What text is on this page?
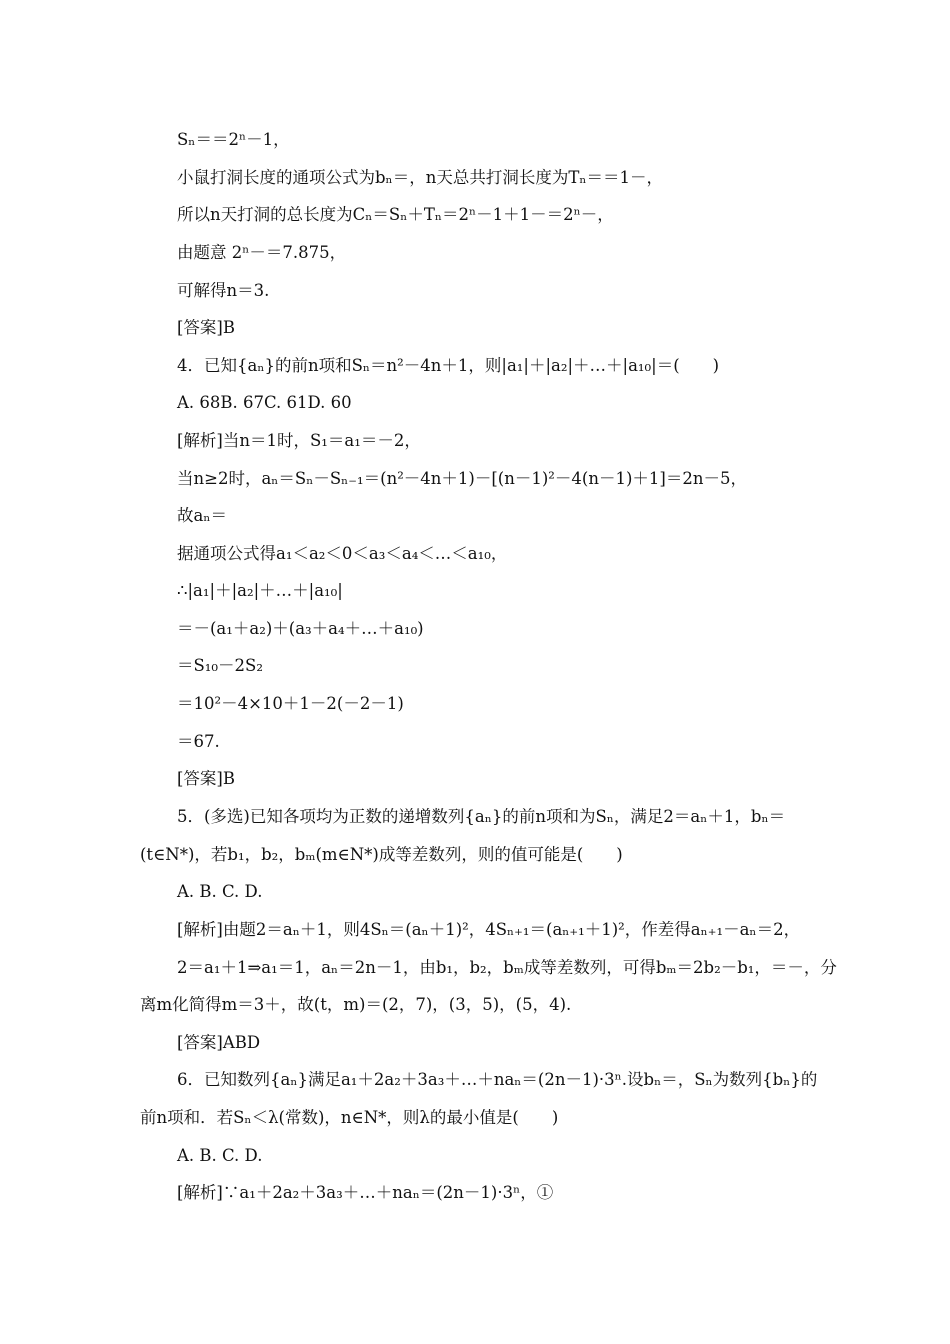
Sₙ＝＝2ⁿ－1，
小鼠打洞长度的通项公式为bₙ＝，n天总共打洞长度为Tₙ＝＝1－，
所以n天打洞的总长度为Cₙ＝Sₙ＋Tₙ＝2ⁿ－1＋1－＝2ⁿ－，
由题意 2ⁿ－＝7.875，
可解得n＝3.
[答案]B
4．已知{aₙ}的前n项和Sₙ＝n²－4n＋1，则|a₁|＋|a₂|＋…＋|a₁₀|＝(　　)
A. 68B. 67C. 61D. 60
[解析]当n＝1时，S₁＝a₁＝－2，
当n≥2时，aₙ＝Sₙ－Sₙ₋₁＝(n²－4n＋1)－[(n－1)²－4(n－1)＋1]＝2n－5，
故aₙ＝
据通项公式得a₁＜a₂＜0＜a₃＜a₄＜…＜a₁₀，
∴|a₁|＋|a₂|＋…＋|a₁₀|
＝－(a₁＋a₂)＋(a₃＋a₄＋…＋a₁₀)
＝S₁₀－2S₂
＝10²－4×10＋1－2(－2－1)
＝67.
[答案]B
5．(多选)已知各项均为正数的递增数列{aₙ}的前n项和为Sₙ，满足2＝aₙ＋1，bₙ＝
(t∈N*)，若b₁，b₂，bₘ(m∈N*)成等差数列，则的值可能是(　　)
A. B. C. D.
[解析]由题2＝aₙ＋1，则4Sₙ＝(aₙ＋1)²，4Sₙ₊₁＝(aₙ₊₁＋1)²，作差得aₙ₊₁－aₙ＝2，
2＝a₁＋1⇒a₁＝1，aₙ＝2n－1，由b₁，b₂，bₘ成等差数列，可得bₘ＝2b₂－b₁，＝－，分
离m化简得m＝3＋，故(t，m)＝(2，7)，(3，5)，(5，4).
[答案]ABD
6．已知数列{aₙ}满足a₁＋2a₂＋3a₃＋…＋naₙ＝(2n－1)·3ⁿ.设bₙ＝，Sₙ为数列{bₙ}的
前n项和．若Sₙ＜λ(常数)，n∈N*，则λ的最小值是(　　)
A. B. C. D.
[解析]∵a₁＋2a₂＋3a₃＋…＋naₙ＝(2n－1)·3ⁿ，①
